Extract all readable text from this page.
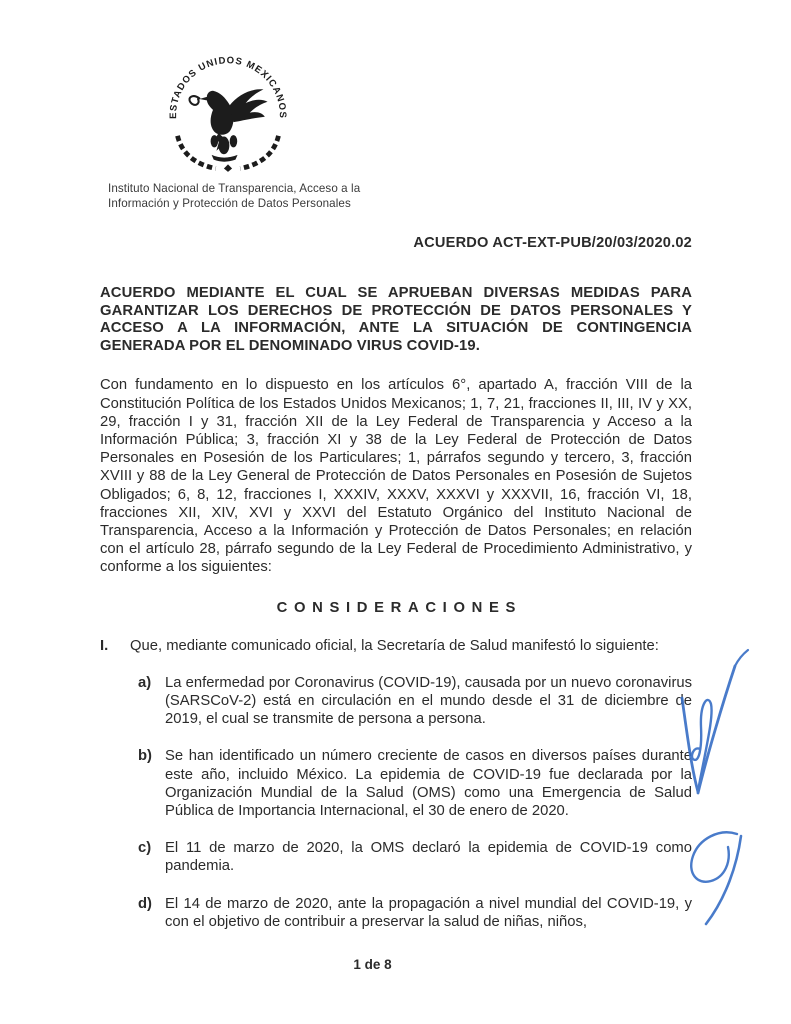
ESTADOS UNIDOS MEXICANOS
Instituto Nacional de Transparencia, Acceso a la
Información y Protección de Datos Personales
ACUERDO ACT-EXT-PUB/20/03/2020.02
ACUERDO MEDIANTE EL CUAL SE APRUEBAN DIVERSAS MEDIDAS PARA GARANTIZAR LOS DERECHOS DE PROTECCIÓN DE DATOS PERSONALES Y ACCESO A LA INFORMACIÓN, ANTE LA SITUACIÓN DE CONTINGENCIA GENERADA POR EL DENOMINADO VIRUS COVID-19.
Con fundamento en lo dispuesto en los artículos 6°, apartado A, fracción VIII de la Constitución Política de los Estados Unidos Mexicanos; 1, 7, 21, fracciones II, III, IV y XX, 29, fracción I y 31, fracción XII de la Ley Federal de Transparencia y Acceso a la Información Pública; 3, fracción XI y 38 de la Ley Federal de Protección de Datos Personales en Posesión de los Particulares; 1, párrafos segundo y tercero, 3, fracción XVIII y 88 de la Ley General de Protección de Datos Personales en Posesión de Sujetos Obligados; 6, 8, 12, fracciones I, XXXIV, XXXV, XXXVI y XXXVII, 16, fracción VI, 18, fracciones XII, XIV, XVI y XXVI del Estatuto Orgánico del Instituto Nacional de Transparencia, Acceso a la Información y Protección de Datos Personales; en relación con el artículo 28, párrafo segundo de la Ley Federal de Procedimiento Administrativo, y conforme a los siguientes:
CONSIDERACIONES
I.	Que, mediante comunicado oficial, la Secretaría de Salud manifestó lo siguiente:
a) La enfermedad por Coronavirus (COVID-19), causada por un nuevo coronavirus (SARSCoV-2) está en circulación en el mundo desde el 31 de diciembre de 2019, el cual se transmite de persona a persona.
b) Se han identificado un número creciente de casos en diversos países durante este año, incluido México. La epidemia de COVID-19 fue declarada por la Organización Mundial de la Salud (OMS) como una Emergencia de Salud Pública de Importancia Internacional, el 30 de enero de 2020.
c) El 11 de marzo de 2020, la OMS declaró la epidemia de COVID-19 como pandemia.
d) El 14 de marzo de 2020, ante la propagación a nivel mundial del COVID-19, y con el objetivo de contribuir a preservar la salud de niñas, niños,
1 de 8
